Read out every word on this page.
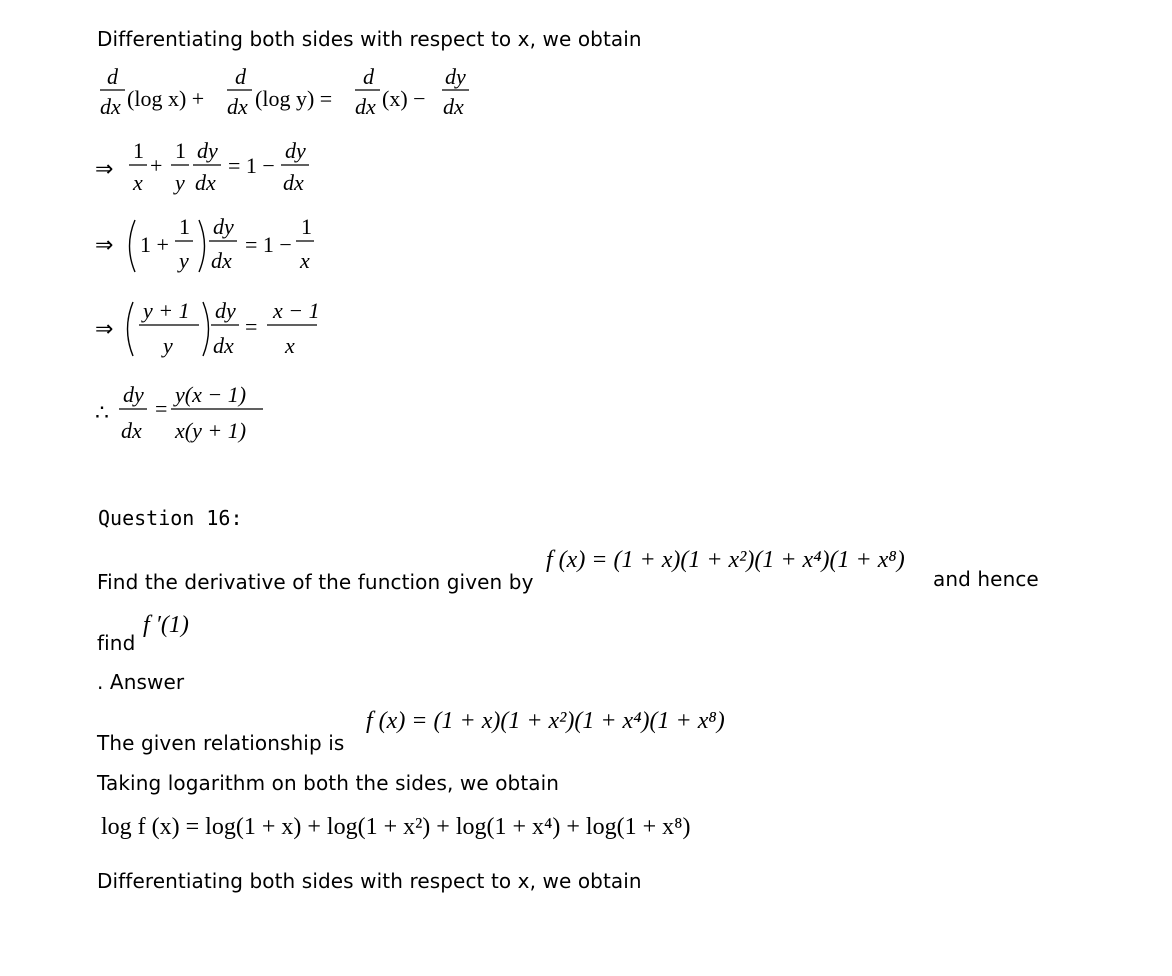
Differentiating both sides with respect to x, we obtain
d
dx (log x) +
d
dx (log y) =
d
dx (x) −
dy
dx
⇒
1
x
+
1
y
dy
dx
= 1 −
dy
dx
⇒ 1 +
1
y
dy
dx
= 1 −
1
x
⇒
y + 1
y
dy
dx
=
x − 1
x
∴
dy
dx
=
y(x − 1)
x(y + 1)
Question 16:
Find the derivative of the function given by
f (x) = (1 + x)(1 + x²)(1 + x⁴)(1 + x⁸)
and hence
find
f ′(1)
. Answer
The given relationship is
f (x) = (1 + x)(1 + x²)(1 + x⁴)(1 + x⁸)
Taking logarithm on both the sides, we obtain
log f (x) = log(1 + x) + log(1 + x²) + log(1 + x⁴) + log(1 + x⁸)
Differentiating both sides with respect to x, we obtain
